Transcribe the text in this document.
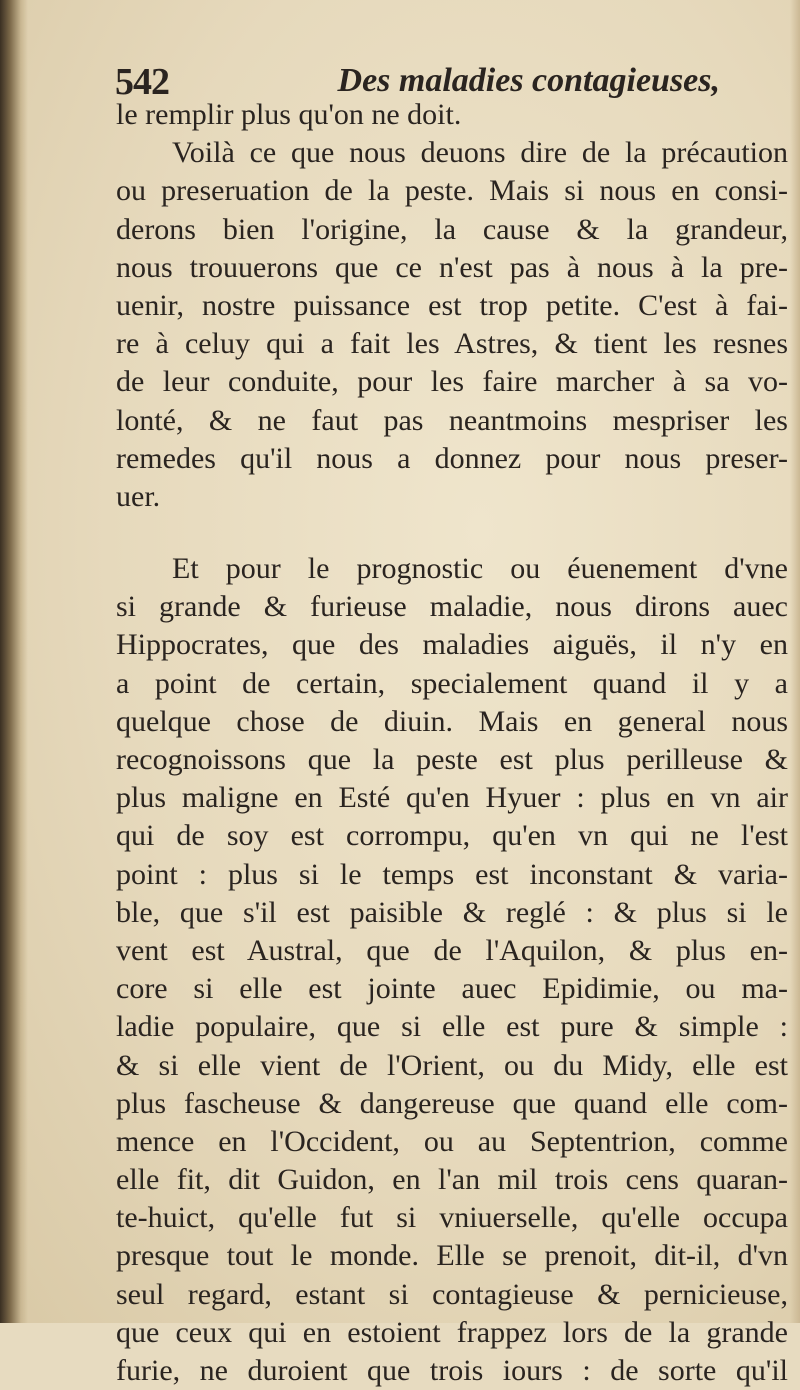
542	Des maladies contagieuses,
le remplir plus qu'on ne doit.
Voilà ce que nous deuons dire de la précaution
ou preseruation de la peste. Mais si nous en consi-
derons bien l'origine, la cause & la grandeur,
nous trouuerons que ce n'est pas à nous à la pre-
uenir, nostre puissance est trop petite. C'est à fai-
re à celuy qui a fait les Astres, & tient les resnes
de leur conduite, pour les faire marcher à sa vo-
lonté, & ne faut pas neantmoins mespriser les
remedes qu'il nous a donnez pour nous preser-
uer.
Et pour le prognostic ou éuenement d'vne
si grande & furieuse maladie, nous dirons auec
Hippocrates, que des maladies aiguës, il n'y en
a point de certain, specialement quand il y a
quelque chose de diuin. Mais en general nous
recognoissons que la peste est plus perilleuse &
plus maligne en Esté qu'en Hyuer : plus en vn air
qui de soy est corrompu, qu'en vn qui ne l'est
point : plus si le temps est inconstant & varia-
ble, que s'il est paisible & reglé : & plus si le
vent est Austral, que de l'Aquilon, & plus en-
core si elle est jointe auec Epidimie, ou ma-
ladie populaire, que si elle est pure & simple :
& si elle vient de l'Orient, ou du Midy, elle est
plus fascheuse & dangereuse que quand elle com-
mence en l'Occident, ou au Septentrion, comme
elle fit, dit Guidon, en l'an mil trois cens quaran-
te-huict, qu'elle fut si vniuerselle, qu'elle occupa
presque tout le monde. Elle se prenoit, dit-il, d'vn
seul regard, estant si contagieuse & pernicieuse,
que ceux qui en estoient frappez lors de la grande
furie, ne duroient que trois iours : de sorte qu'il
